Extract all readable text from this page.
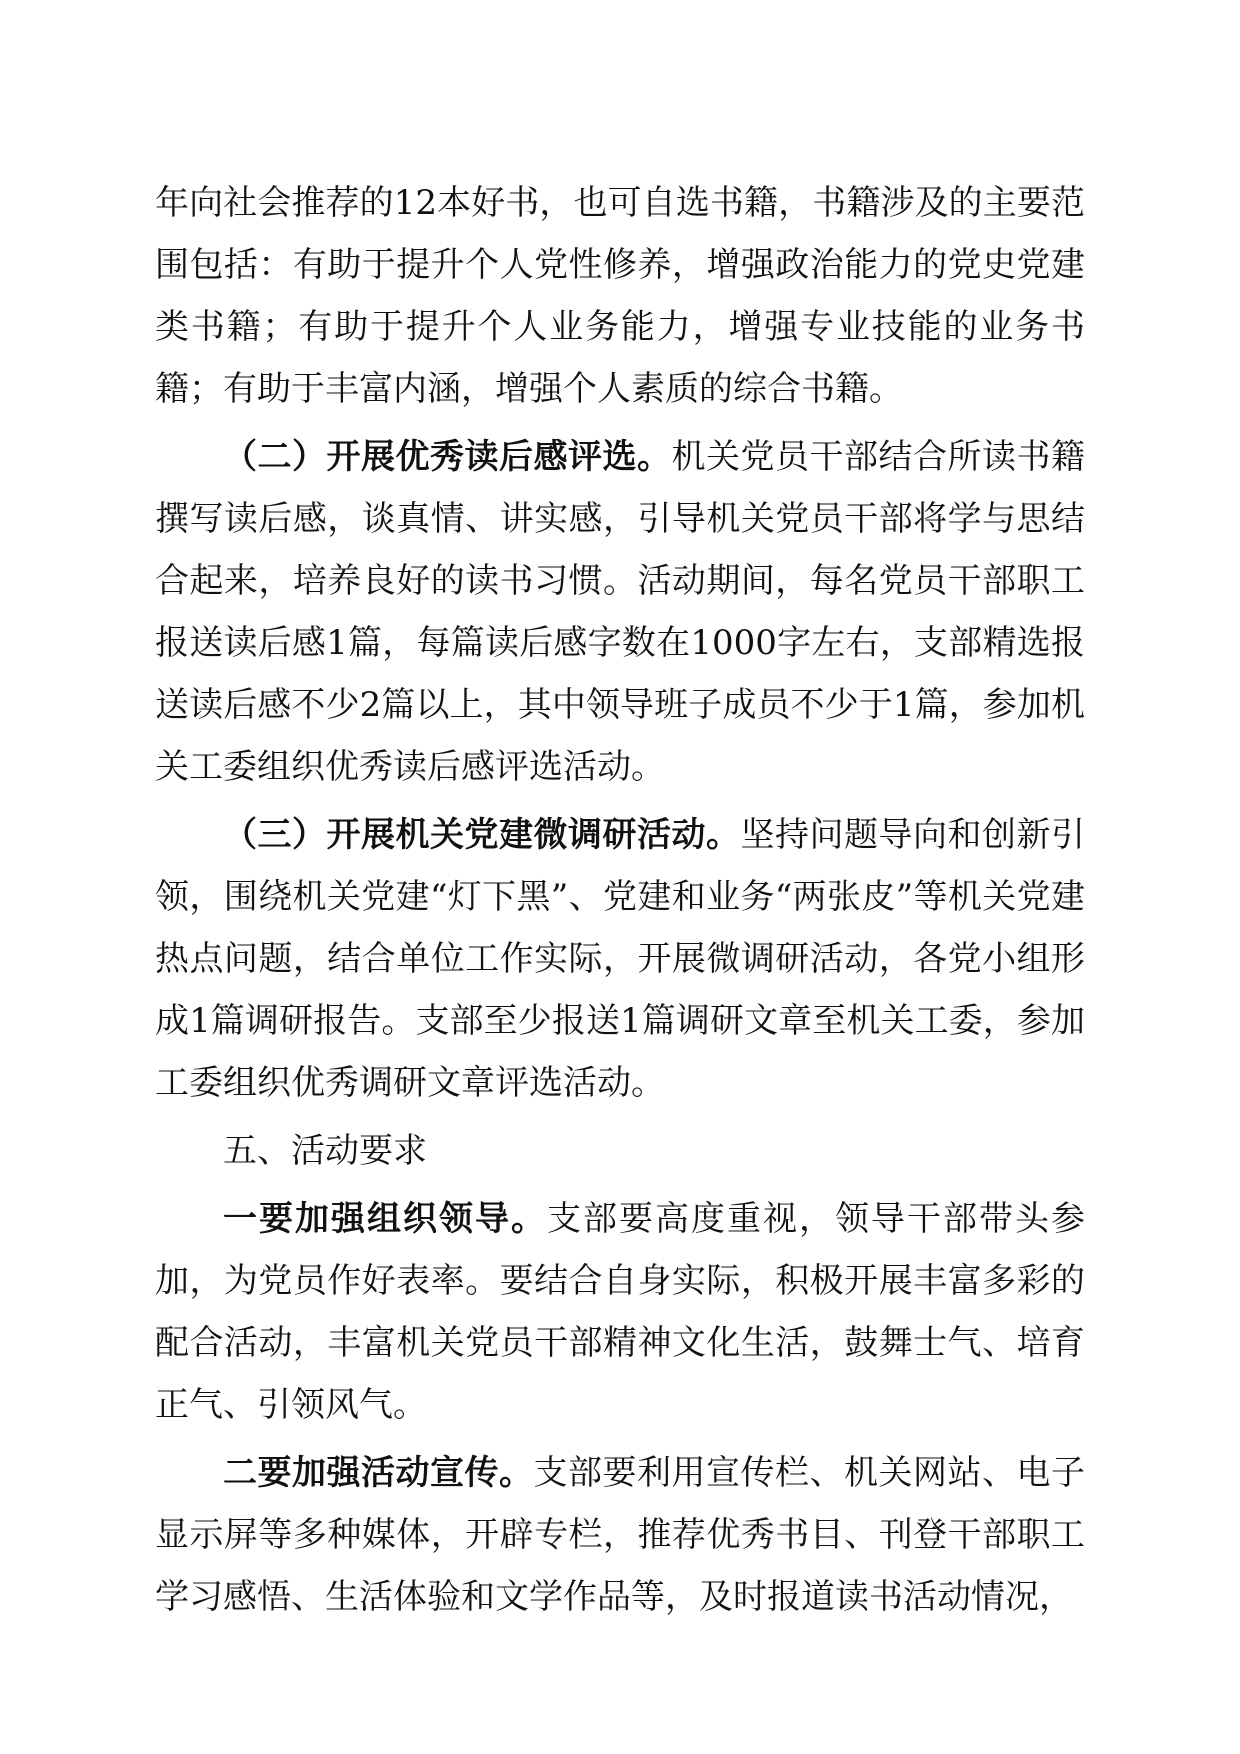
年向社会推荐的12本好书，也可自选书籍，书籍涉及的主要范围包括：有助于提升个人党性修养，增强政治能力的党史党建类书籍；有助于提升个人业务能力，增强专业技能的业务书籍；有助于丰富内涵，增强个人素质的综合书籍。

（二）开展优秀读后感评选。机关党员干部结合所读书籍撰写读后感，谈真情、讲实感，引导机关党员干部将学与思结合起来，培养良好的读书习惯。活动期间，每名党员干部职工报送读后感1篇，每篇读后感字数在1000字左右，支部精选报送读后感不少2篇以上，其中领导班子成员不少于1篇，参加机关工委组织优秀读后感评选活动。

（三）开展机关党建微调研活动。坚持问题导向和创新引领，围绕机关党建“灯下黑”、党建和业务“两张皮”等机关党建热点问题，结合单位工作实际，开展微调研活动，各党小组形成1篇调研报告。支部至少报送1篇调研文章至机关工委，参加工委组织优秀调研文章评选活动。

五、活动要求

一要加强组织领导。支部要高度重视，领导干部带头参加，为党员作好表率。要结合自身实际，积极开展丰富多彩的配合活动，丰富机关党员干部精神文化生活，鼓舞士气、培育正气、引领风气。

二要加强活动宣传。支部要利用宣传栏、机关网站、电子显示屏等多种媒体，开辟专栏，推荐优秀书目、刊登干部职工学习感悟、生活体验和文学作品等，及时报道读书活动情况，
